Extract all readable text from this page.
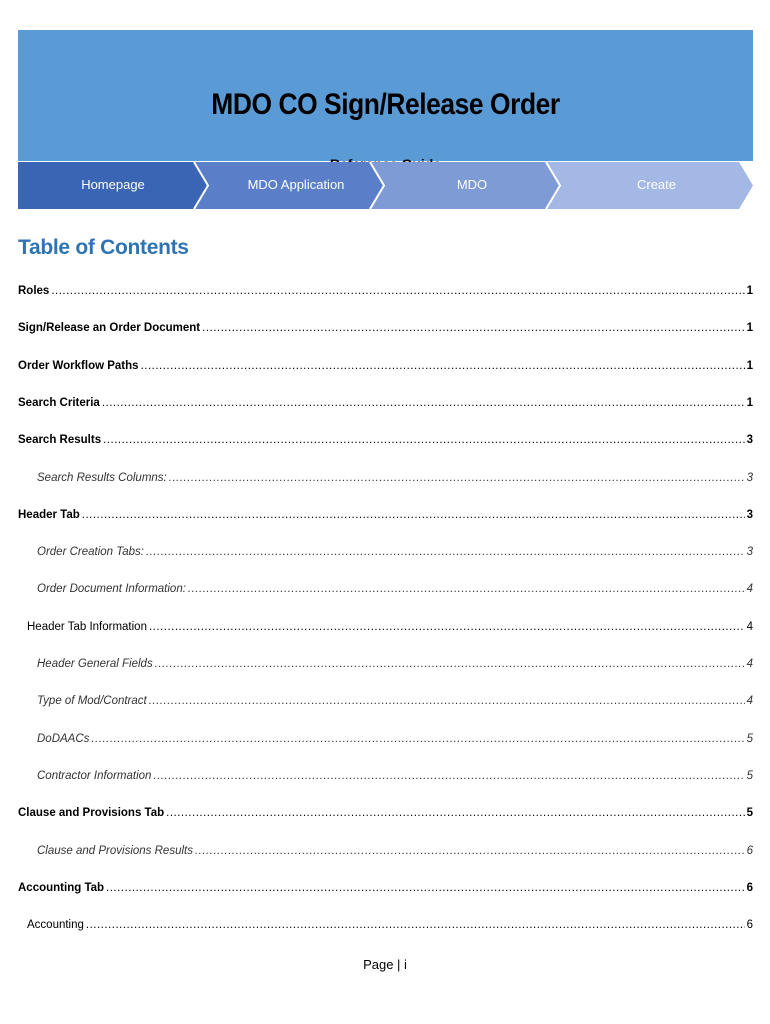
MDO CO Sign/Release Order
Homepage	MDO Application	MDO	Create
Table of Contents
Roles .....	1
Sign/Release an Order Document .....	1
Order Workflow Paths .....	1
Search Criteria .....	1
Search Results .....	3
Search Results Columns: .....	3
Header Tab .....	3
Order Creation Tabs: .....	3
Order Document Information: .....	4
Header Tab Information .....	4
Header General Fields .....	4
Type of Mod/Contract .....	4
DoDAACs .....	5
Contractor Information .....	5
Clause and Provisions Tab .....	5
Clause and Provisions Results .....	6
Accounting Tab .....	6
Accounting .....	6
Page | i
